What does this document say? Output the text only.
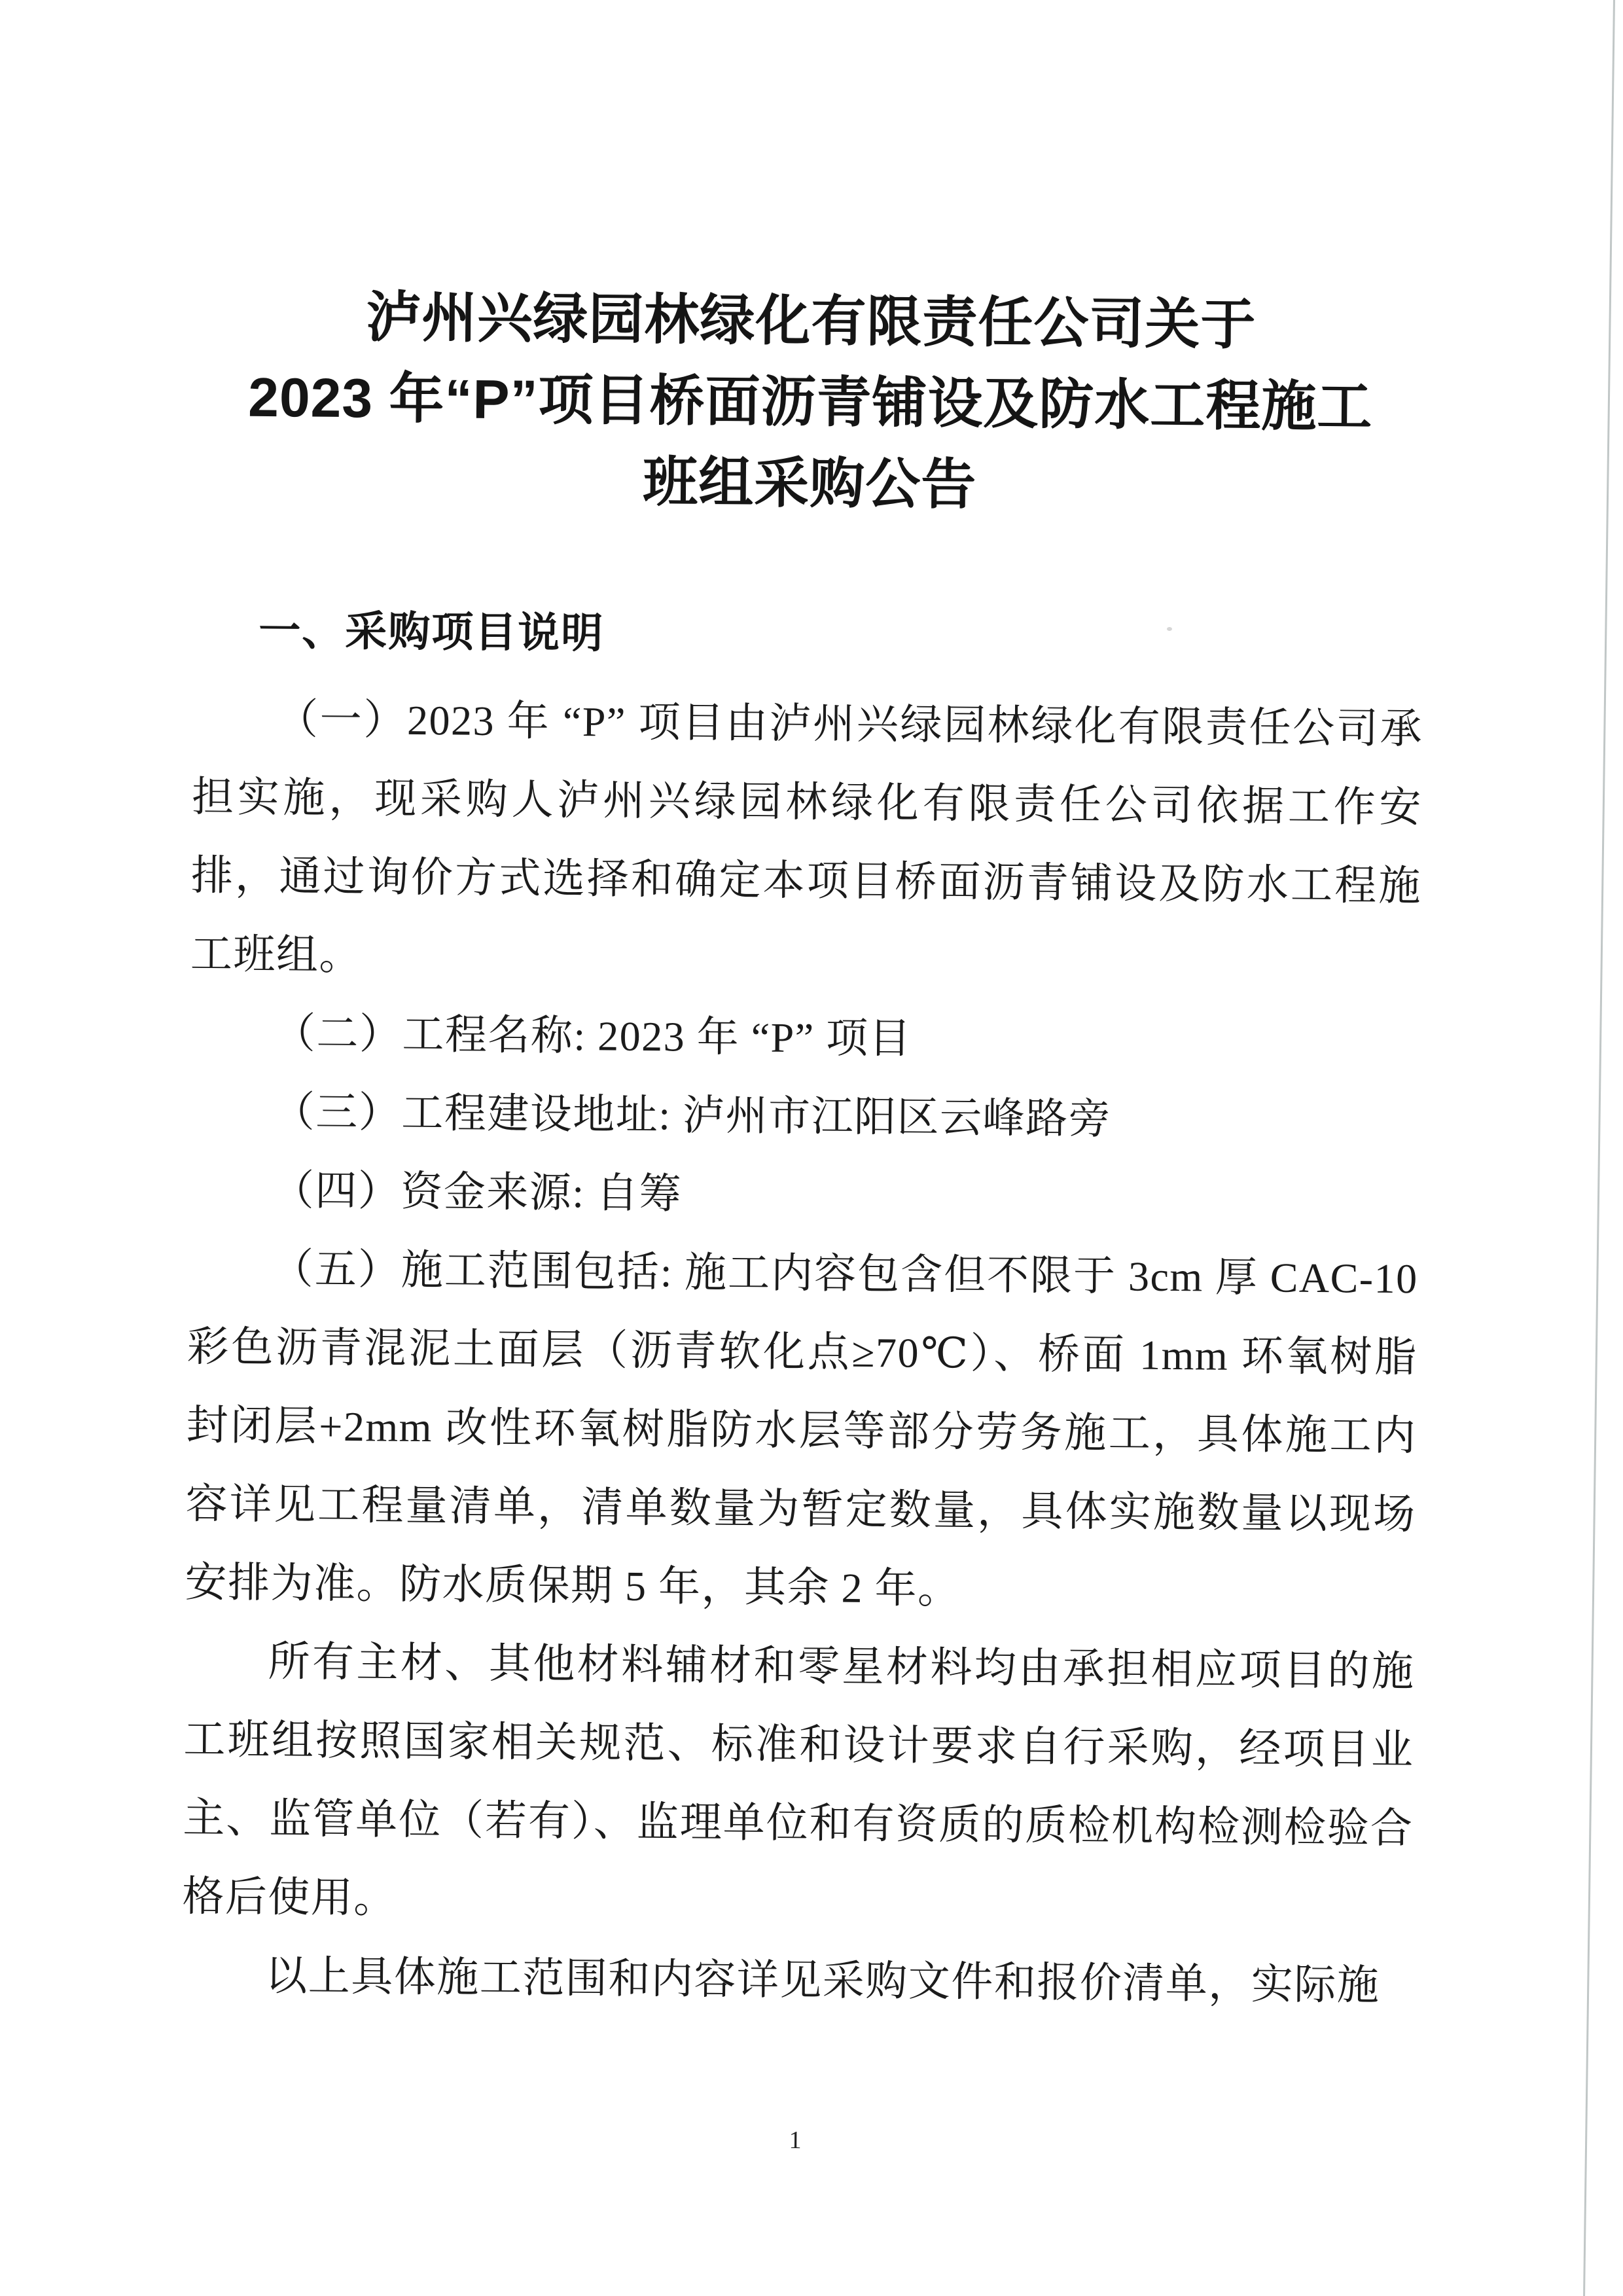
泸州兴绿园林绿化有限责任公司关于
2023 年“P”项目桥面沥青铺设及防水工程施工
班组采购公告
一、采购项目说明

（一）2023 年 “P” 项目由泸州兴绿园林绿化有限责任公司承担实施，现采购人泸州兴绿园林绿化有限责任公司依据工作安排，通过询价方式选择和确定本项目桥面沥青铺设及防水工程施工班组。

（二）工程名称: 2023 年 “P” 项目

（三）工程建设地址: 泸州市江阳区云峰路旁

（四）资金来源: 自筹

（五）施工范围包括: 施工内容包含但不限于 3cm 厚 CAC-10 彩色沥青混泥土面层（沥青软化点≥70℃）、桥面 1mm 环氧树脂封闭层+2mm 改性环氧树脂防水层等部分劳务施工，具体施工内容详见工程量清单，清单数量为暂定数量，具体实施数量以现场安排为准。防水质保期 5 年，其余 2 年。

所有主材、其他材料辅材和零星材料均由承担相应项目的施工班组按照国家相关规范、标准和设计要求自行采购，经项目业主、监管单位（若有）、监理单位和有资质的质检机构检测检验合格后使用。

以上具体施工范围和内容详见采购文件和报价清单，实际施

1
